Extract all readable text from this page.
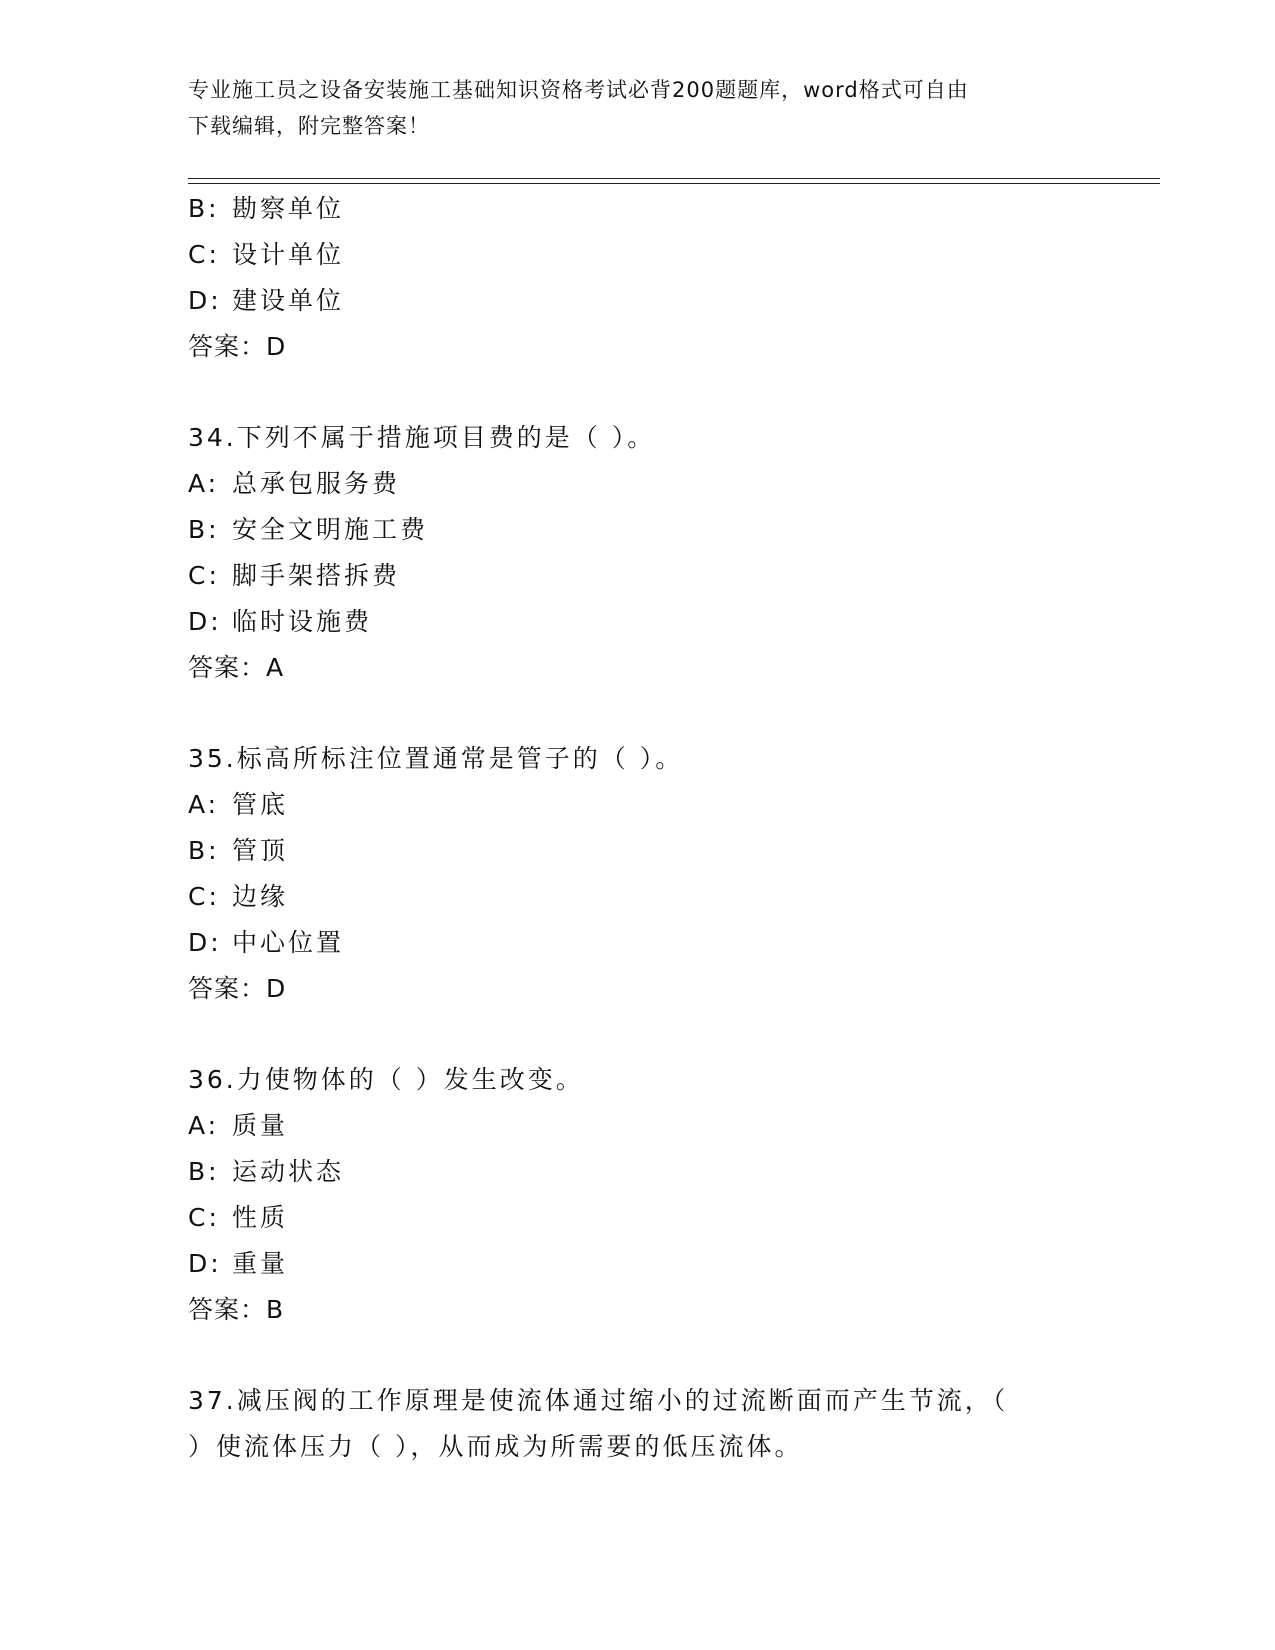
专业施工员之设备安装施工基础知识资格考试必背200题题库，word格式可自由
下载编辑，附完整答案！
B: 勘察单位
C: 设计单位
D: 建设单位
答案：D
34.下列不属于措施项目费的是（ ）。
A: 总承包服务费
B: 安全文明施工费
C: 脚手架搭拆费
D: 临时设施费
答案：A
35.标高所标注位置通常是管子的（ ）。
A: 管底
B: 管顶
C: 边缘
D: 中心位置
答案：D
36.力使物体的（ ）发生改变。
A: 质量
B: 运动状态
C: 性质
D: 重量
答案：B
37.减压阀的工作原理是使流体通过缩小的过流断面而产生节流，（
）使流体压力（ ），从而成为所需要的低压流体。
